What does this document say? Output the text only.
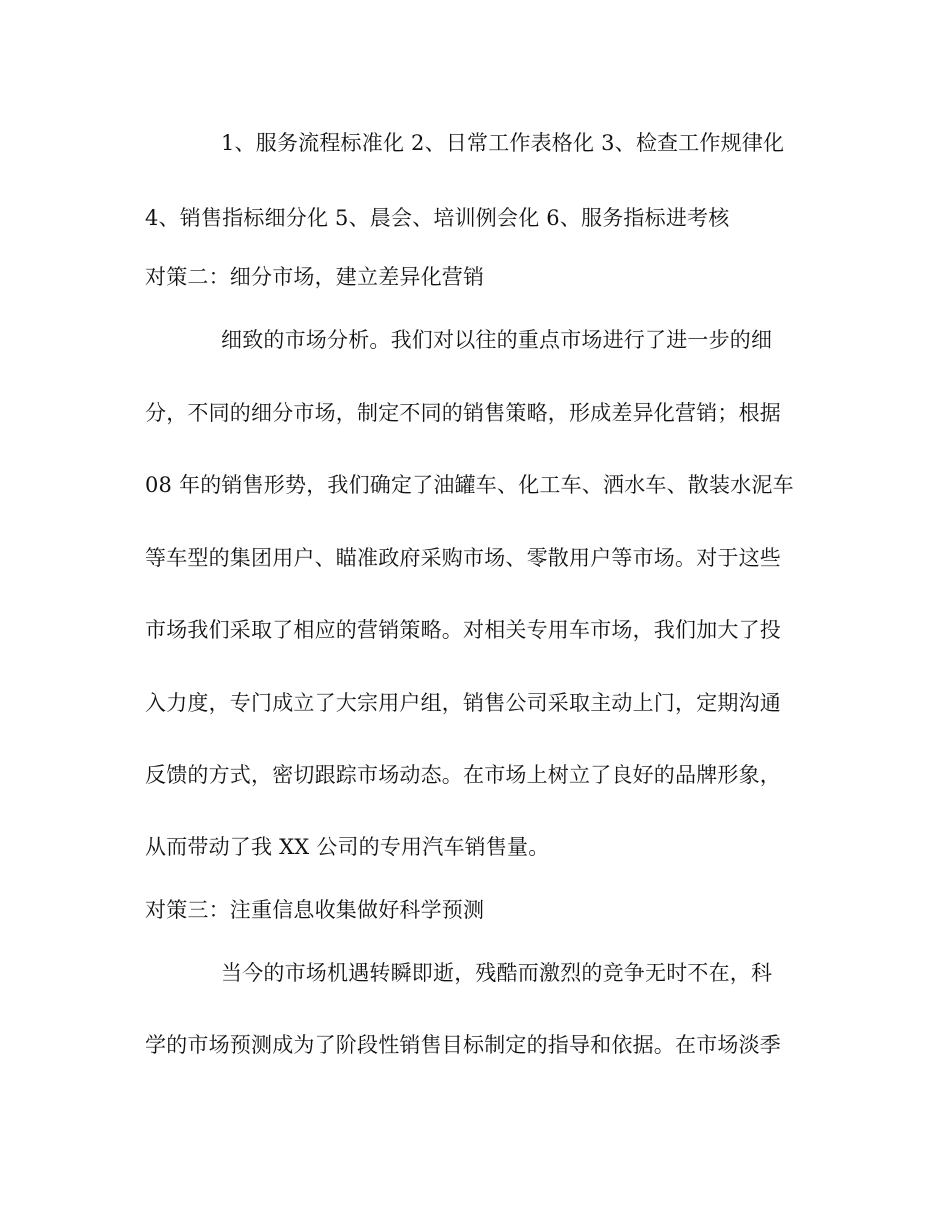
1、服务流程标准化 2、日常工作表格化 3、检查工作规律化
4、销售指标细分化 5、晨会、培训例会化 6、服务指标进考核
对策二：细分市场，建立差异化营销
细致的市场分析。我们对以往的重点市场进行了进一步的细
分，不同的细分市场，制定不同的销售策略，形成差异化营销；根据
08 年的销售形势，我们确定了油罐车、化工车、洒水车、散装水泥车
等车型的集团用户、瞄准政府采购市场、零散用户等市场。对于这些
市场我们采取了相应的营销策略。对相关专用车市场，我们加大了投
入力度，专门成立了大宗用户组，销售公司采取主动上门，定期沟通
反馈的方式，密切跟踪市场动态。在市场上树立了良好的品牌形象，
从而带动了我 XX 公司的专用汽车销售量。
对策三：注重信息收集做好科学预测
当今的市场机遇转瞬即逝，残酷而激烈的竞争无时不在，科
学的市场预测成为了阶段性销售目标制定的指导和依据。在市场淡季
